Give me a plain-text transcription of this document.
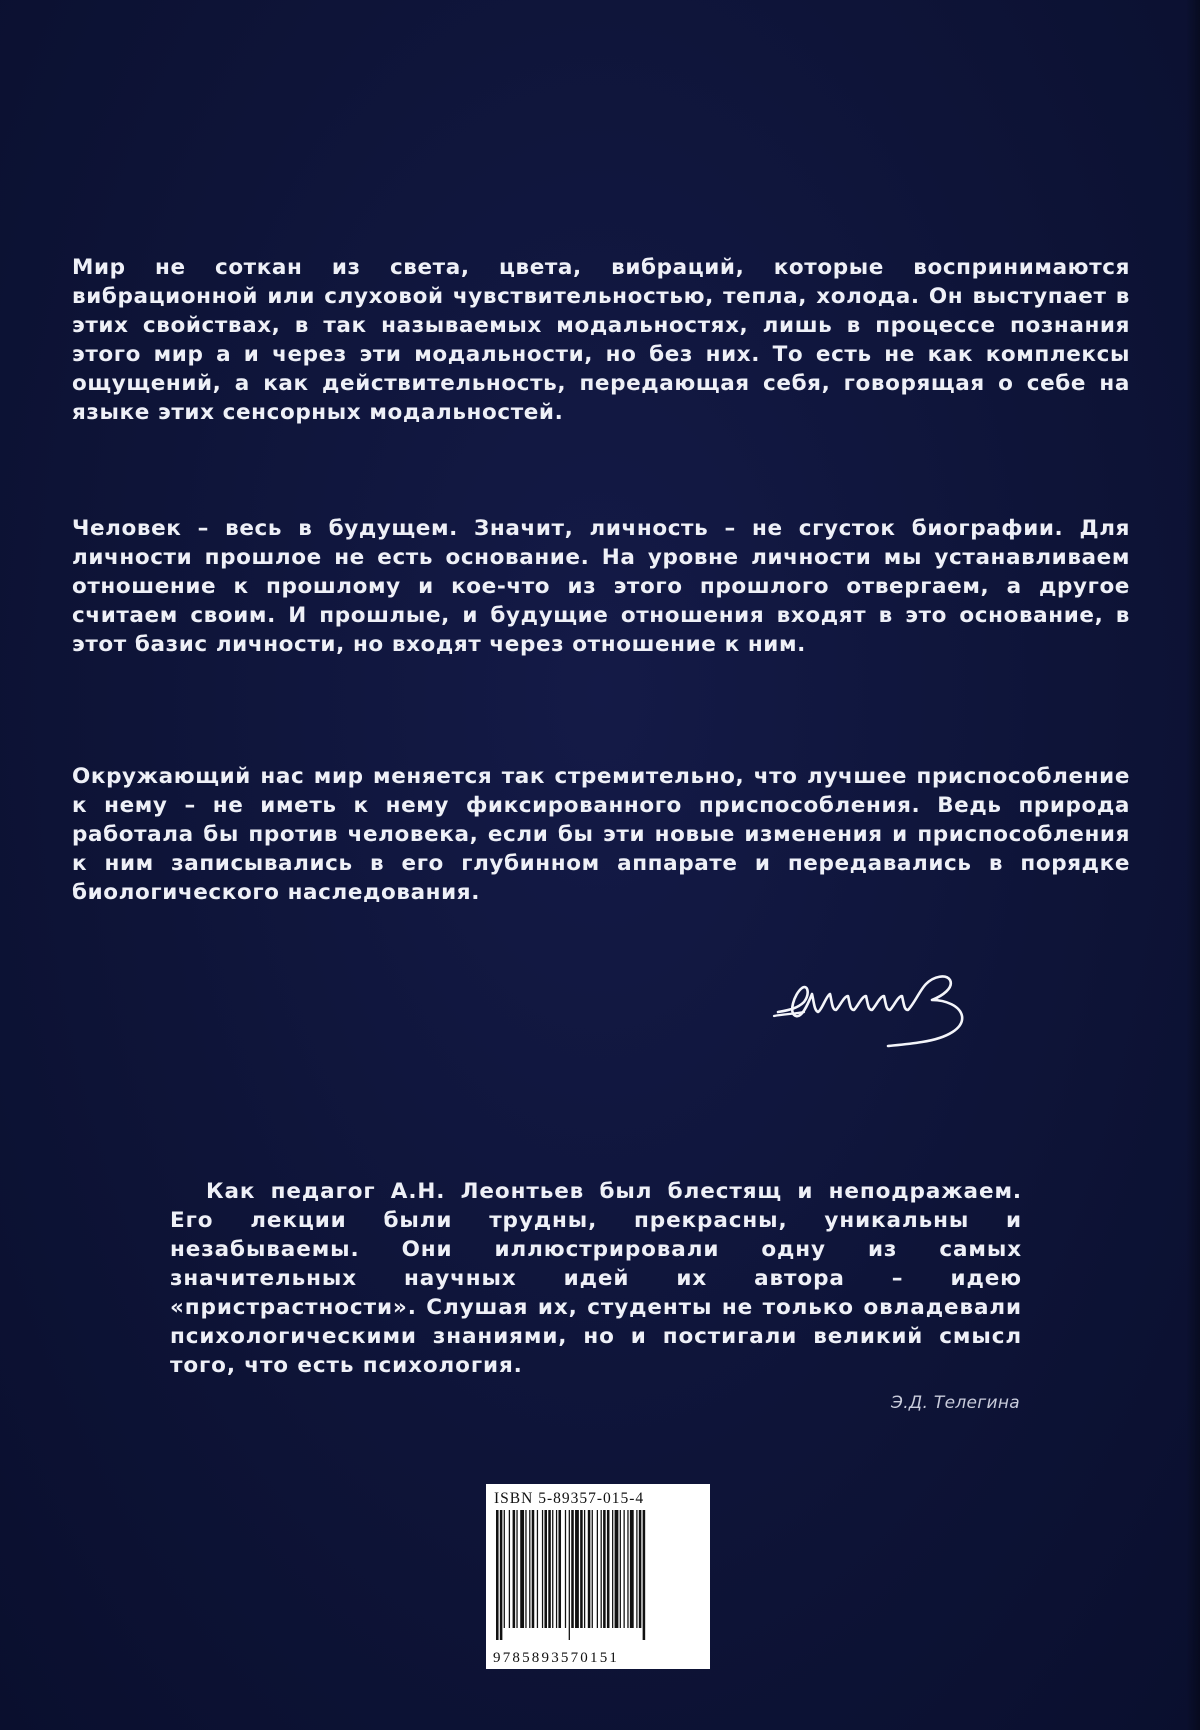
Мир не соткан из света, цвета, вибраций, которые воспринимаются вибрационной или слуховой чувствительностью, тепла, холода. Он выступает в этих свойствах, в так называемых модальностях, лишь в процессе познания этого мир а и через эти модальности, но без них. То есть не как комплексы ощущений, а как действительность, передающая себя, говорящая о себе на языке этих сенсорных модальностей.

Человек – весь в будущем. Значит, личность – не сгусток биографии. Для личности прошлое не есть основание. На уровне личности мы устанавливаем отношение к прошлому и кое-что из этого прошлого отвергаем, а другое считаем своим. И прошлые, и будущие отношения входят в это основание, в этот базис личности, но входят через отношение к ним.

Окружающий нас мир меняется так стремительно, что лучшее приспособление к нему – не иметь к нему фиксированного приспособления. Ведь природа работала бы против человека, если бы эти новые изменения и приспособления к ним записывались в его глубинном аппарате и передавались в порядке биологического наследования.

Как педагог А.Н. Леонтьев был блестящ и неподражаем. Его лекции были трудны, прекрасны, уникальны и незабываемы. Они иллюстрировали одну из самых значительных научных идей их автора – идею «пристрастности». Слушая их, студенты не только овладевали психологическими знаниями, но и постигали великий смысл того, что есть психология.

Э.Д. Телегина
ISBN 5-89357-015-4
9785893570151
